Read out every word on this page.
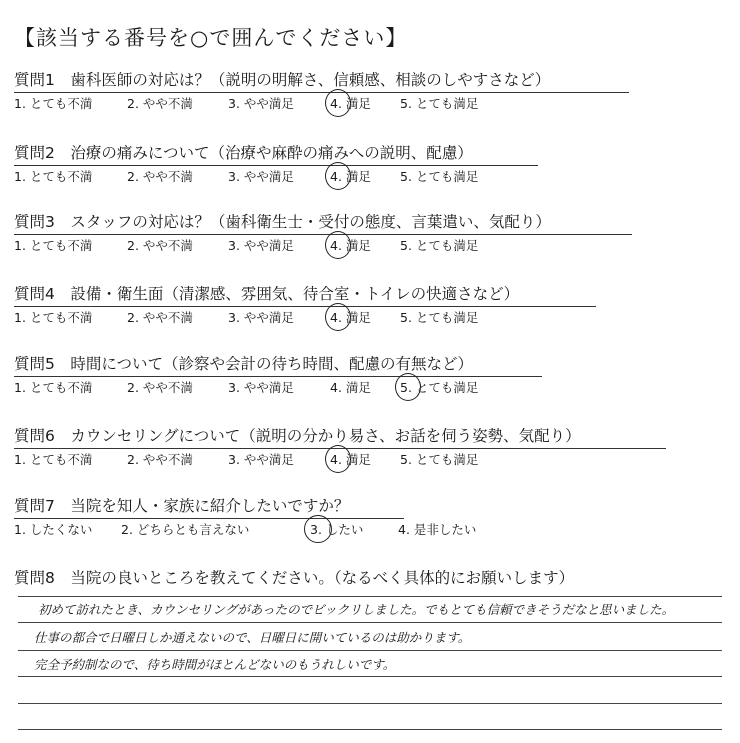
【該当する番号を○で囲んでください】
質問1　歯科医師の対応は？（説明の明解さ、信頼感、相談のしやすさなど）
1. とても不満	2. やや不満	3. やや満足	4. 満足 5. とても満足
質問2　治療の痛みについて（治療や麻酔の痛みへの説明、配慮）
1. とても不満	2. やや不満	3. やや満足	4. 満足 5. とても満足
質問3　スタッフの対応は？（歯科衛生士・受付の態度、言葉遣い、気配り）
1. とても不満	2. やや不満	3. やや満足	4. 満足 5. とても満足
質問4　設備・衛生面（清潔感、雰囲気、待合室・トイレの快適さなど）
1. とても不満	2. やや不満	3. やや満足	4. 満足 5. とても満足
質問5　時間について（診察や会計の待ち時間、配慮の有無など）
1. とても不満	2. やや不満	3. やや満足	4. 満足 5. とても満足
質問6　カウンセリングについて（説明の分かり易さ、お話を伺う姿勢、気配り）
1. とても不満	2. やや不満	3. やや満足	4. 満足 5. とても満足
質問7　当院を知人・家族に紹介したいですか？
1. したくない 2. どちらとも言えない	3. したい	4. 是非したい
質問8　当院の良いところを教えてください。（なるべく具体的にお願いします）
初めて訪れたとき、カウンセリングがあったのでビックリしました。でもとても信頼できそうだなと思いました。
仕事の都合で日曜日しか通えないので、日曜日に開いているのは助かります。
完全予約制なので、待ち時間がほとんどないのもうれしいです。
